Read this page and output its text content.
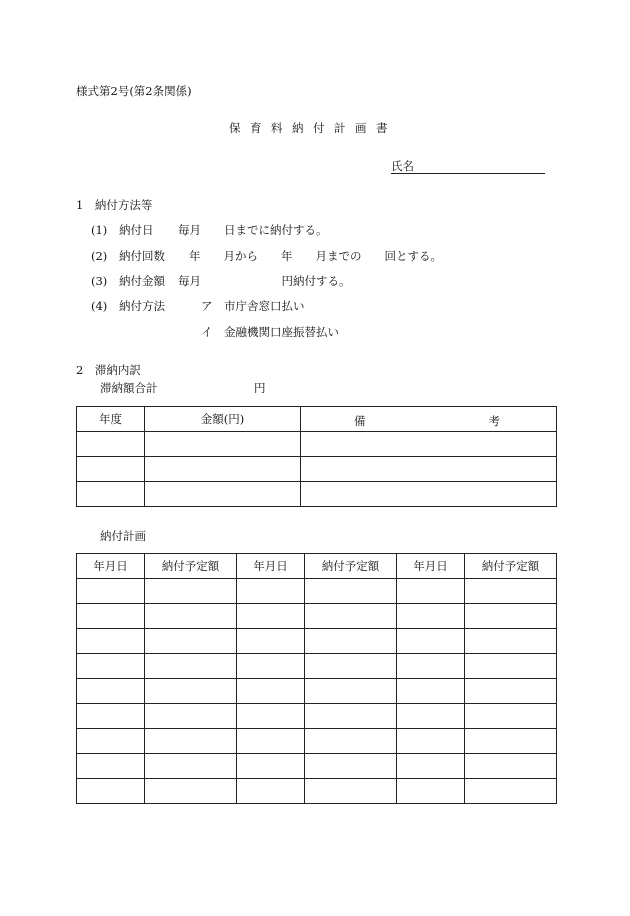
様式第2号(第2条関係)
保育料納付計画書
氏名
1　納付方法等
(1) 納付日 毎月　　日までに納付する。
(2) 納付回数 年　　月から　　年　　月までの　　回とする。
(3) 納付金額 毎月　　　　　　　円納付する。
(4) 納付方法	ア　市庁舎窓口払い
イ　金融機関口座振替払い
2　滞納内訳
滞納額合計	円
年度	金額(円)	備 考

納付計画
年月日	納付予定額	年月日	納付予定額	年月日	納付予定額
